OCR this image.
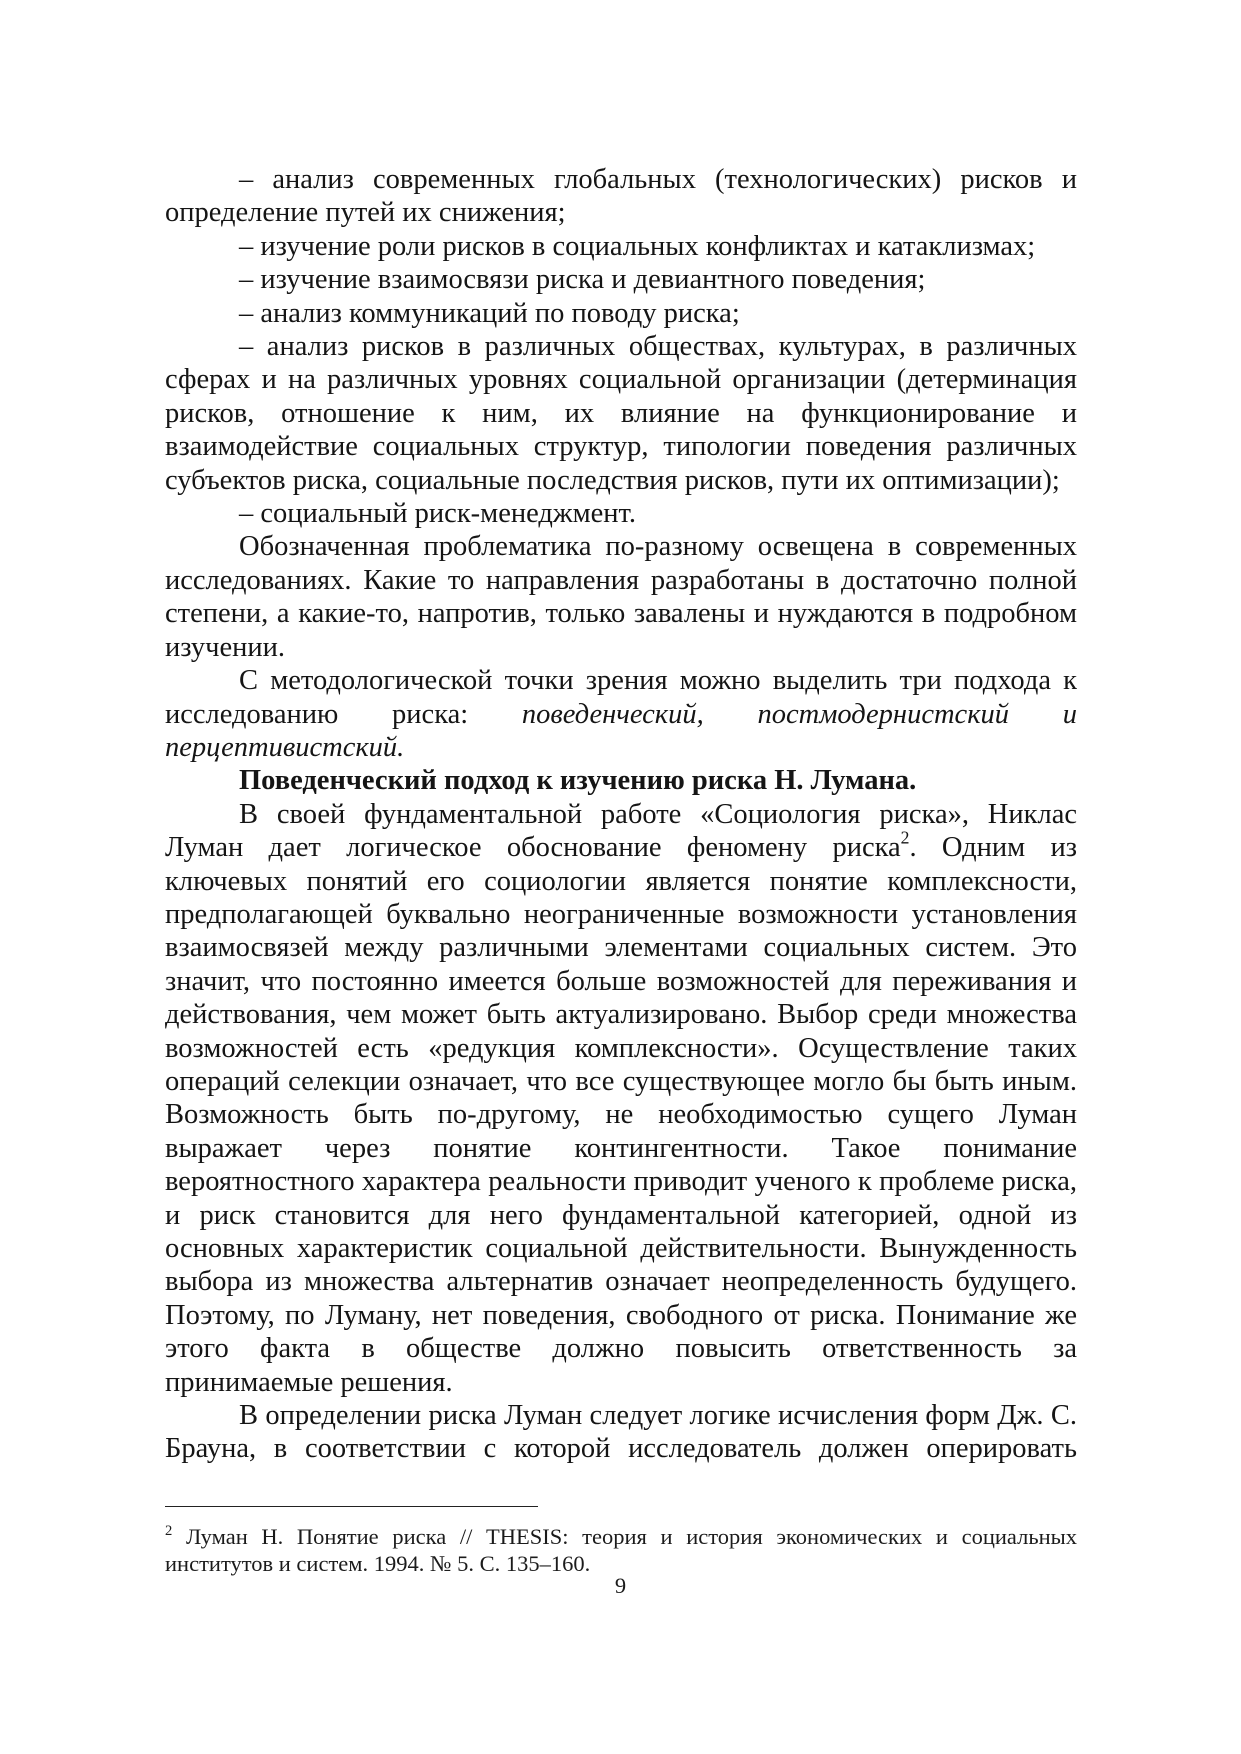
– анализ современных глобальных (технологических) рисков и определение путей их снижения;

– изучение роли рисков в социальных конфликтах и катаклизмах;

– изучение взаимосвязи риска и девиантного поведения;

– анализ коммуникаций по поводу риска;

– анализ рисков в различных обществах, культурах, в различных сферах и на различных уровнях социальной организации (детерминация рисков, отношение к ним, их влияние на функционирование и взаимодействие социальных структур, типологии поведения различных субъектов риска, социальные последствия рисков, пути их оптимизации);

– социальный риск-менеджмент.

Обозначенная проблематика по-разному освещена в современных исследованиях. Какие то направления разработаны в достаточно полной степени, а какие-то, напротив, только завалены и нуждаются в подробном изучении.

С методологической точки зрения можно выделить три подхода к исследованию риска: поведенческий, постмодернистский и перцептивистский.

Поведенческий подход к изучению риска Н. Лумана.

В своей фундаментальной работе «Социология риска», Никлас Луман дает логическое обоснование феномену риска$^2$. Одним из ключевых понятий его социологии является понятие комплексности, предполагающей буквально неограниченные возможности установления взаимосвязей между различными элементами социальных систем. Это значит, что постоянно имеется больше возможностей для переживания и действования, чем может быть актуализировано. Выбор среди множества возможностей есть «редукция комплексности». Осуществление таких операций селекции означает, что все существующее могло бы быть иным. Возможность быть по-другому, не необходимостью сущего Луман выражает через понятие контингентности. Такое понимание вероятностного характера реальности приводит ученого к проблеме риска, и риск становится для него фундаментальной категорией, одной из основных характеристик социальной действительности. Вынужденность выбора из множества альтернатив означает неопределенность будущего. Поэтому, по Луману, нет поведения, свободного от риска. Понимание же этого факта в обществе должно повысить ответственность за принимаемые решения.

В определении риска Луман следует логике исчисления форм Дж. С. Брауна, в соответствии с которой исследователь должен оперировать

$^2$ Луман Н. Понятие риска // THESIS: теория и история экономических и социальных институтов и систем. 1994. № 5. С. 135–160.
9
